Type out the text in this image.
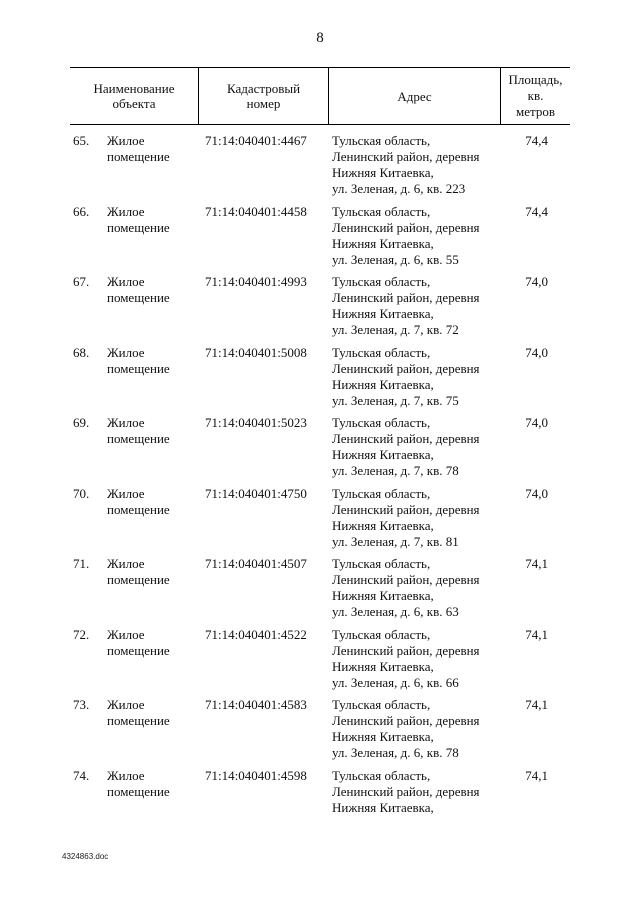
8
Наименование
объекта
Кадастровый
номер	Адрес
Площадь,
кв.
метров
65. Жилое
помещение
71:14:040401:4467 Тульская область,
Ленинский район, деревня
Нижняя Китаевка,
ул. Зеленая, д. 6, кв. 223
74,4
66. Жилое
помещение
71:14:040401:4458 Тульская область,
Ленинский район, деревня
Нижняя Китаевка,
ул. Зеленая, д. 6, кв. 55
74,4
67. Жилое
помещение
71:14:040401:4993 Тульская область,
Ленинский район, деревня
Нижняя Китаевка,
ул. Зеленая, д. 7, кв. 72
74,0
68. Жилое
помещение
71:14:040401:5008 Тульская область,
Ленинский район, деревня
Нижняя Китаевка,
ул. Зеленая, д. 7, кв. 75
74,0
69. Жилое
помещение
71:14:040401:5023 Тульская область,
Ленинский район, деревня
Нижняя Китаевка,
ул. Зеленая, д. 7, кв. 78
74,0
70. Жилое
помещение
71:14:040401:4750 Тульская область,
Ленинский район, деревня
Нижняя Китаевка,
ул. Зеленая, д. 7, кв. 81
74,0
71. Жилое
помещение
71:14:040401:4507 Тульская область,
Ленинский район, деревня
Нижняя Китаевка,
ул. Зеленая, д. 6, кв. 63
74,1
72. Жилое
помещение
71:14:040401:4522 Тульская область,
Ленинский район, деревня
Нижняя Китаевка,
ул. Зеленая, д. 6, кв. 66
74,1
73. Жилое
помещение
71:14:040401:4583 Тульская область,
Ленинский район, деревня
Нижняя Китаевка,
ул. Зеленая, д. 6, кв. 78
74,1
74. Жилое
помещение
71:14:040401:4598 Тульская область,
Ленинский район, деревня
Нижняя Китаевка,
74,1
4324863.doc
